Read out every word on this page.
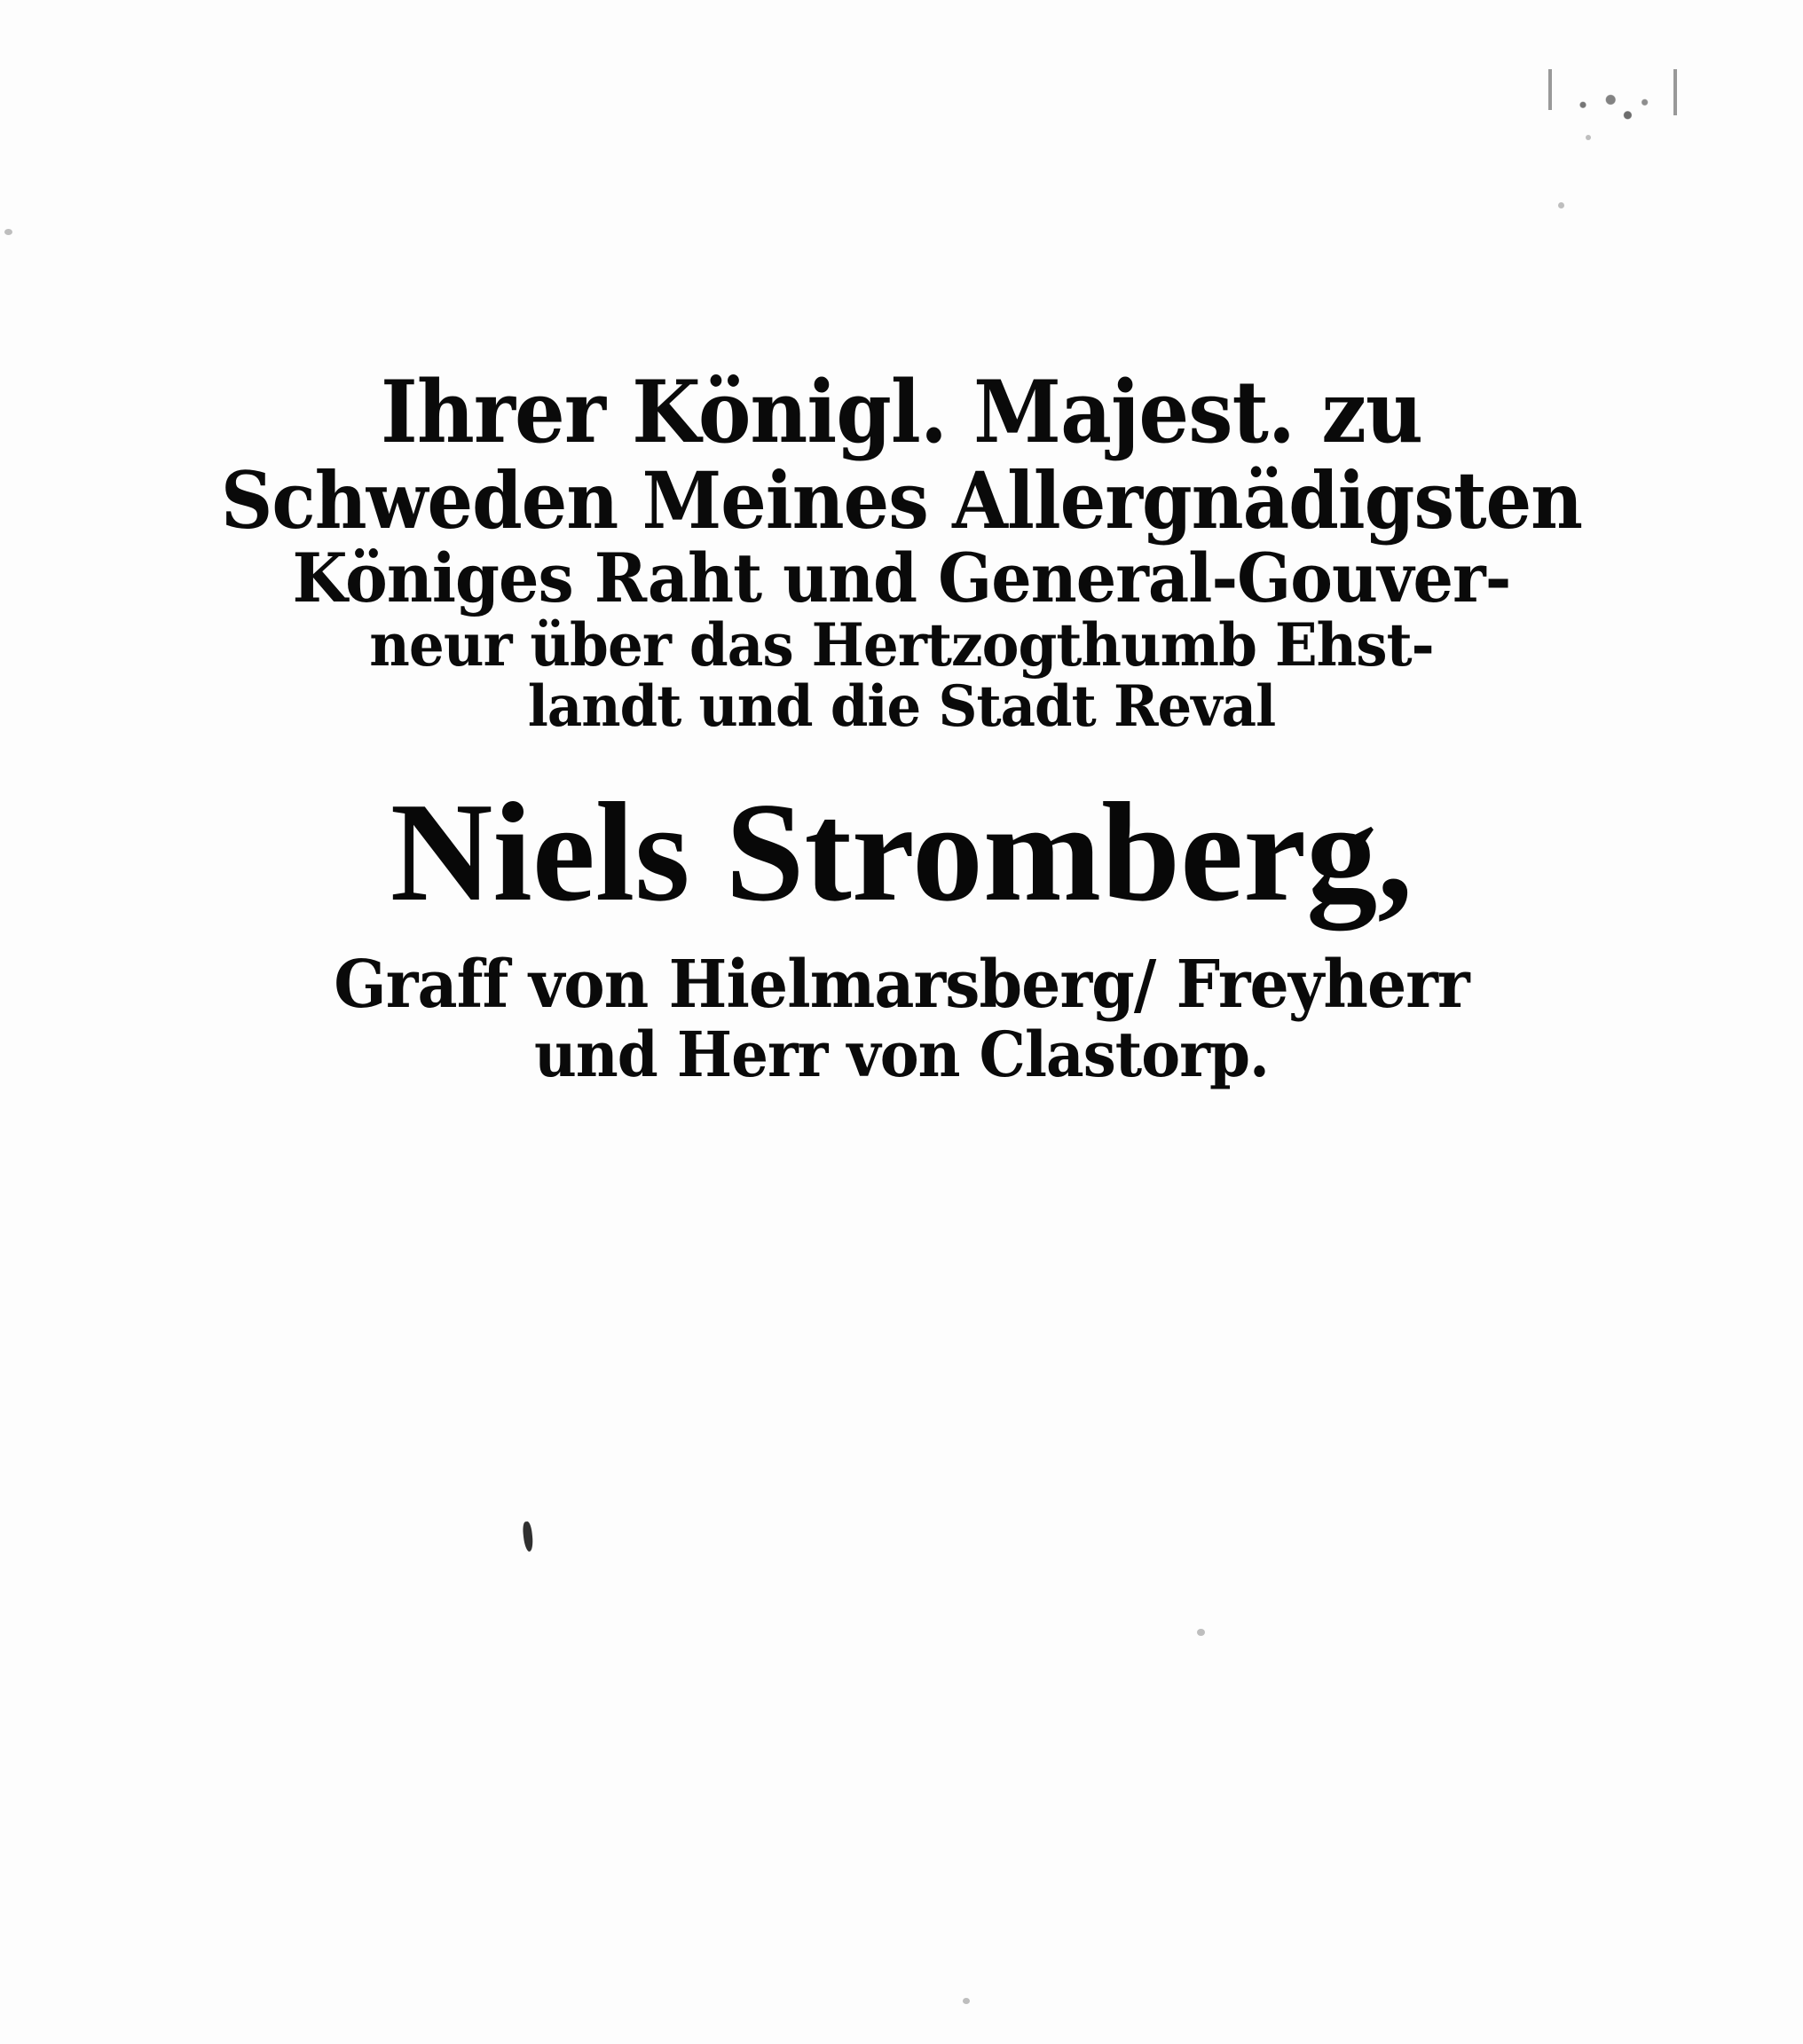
Ihrer Königl. Majest. zu
Schweden Meines Allergnädigsten
Königes Raht und General-Gouver-
neur über das Hertzogthumb Ehst-
landt und die Stadt Reval
Niels Stromberg,
Graff von Hielmarsberg/ Freyherr
und Herr von Clastorp.
